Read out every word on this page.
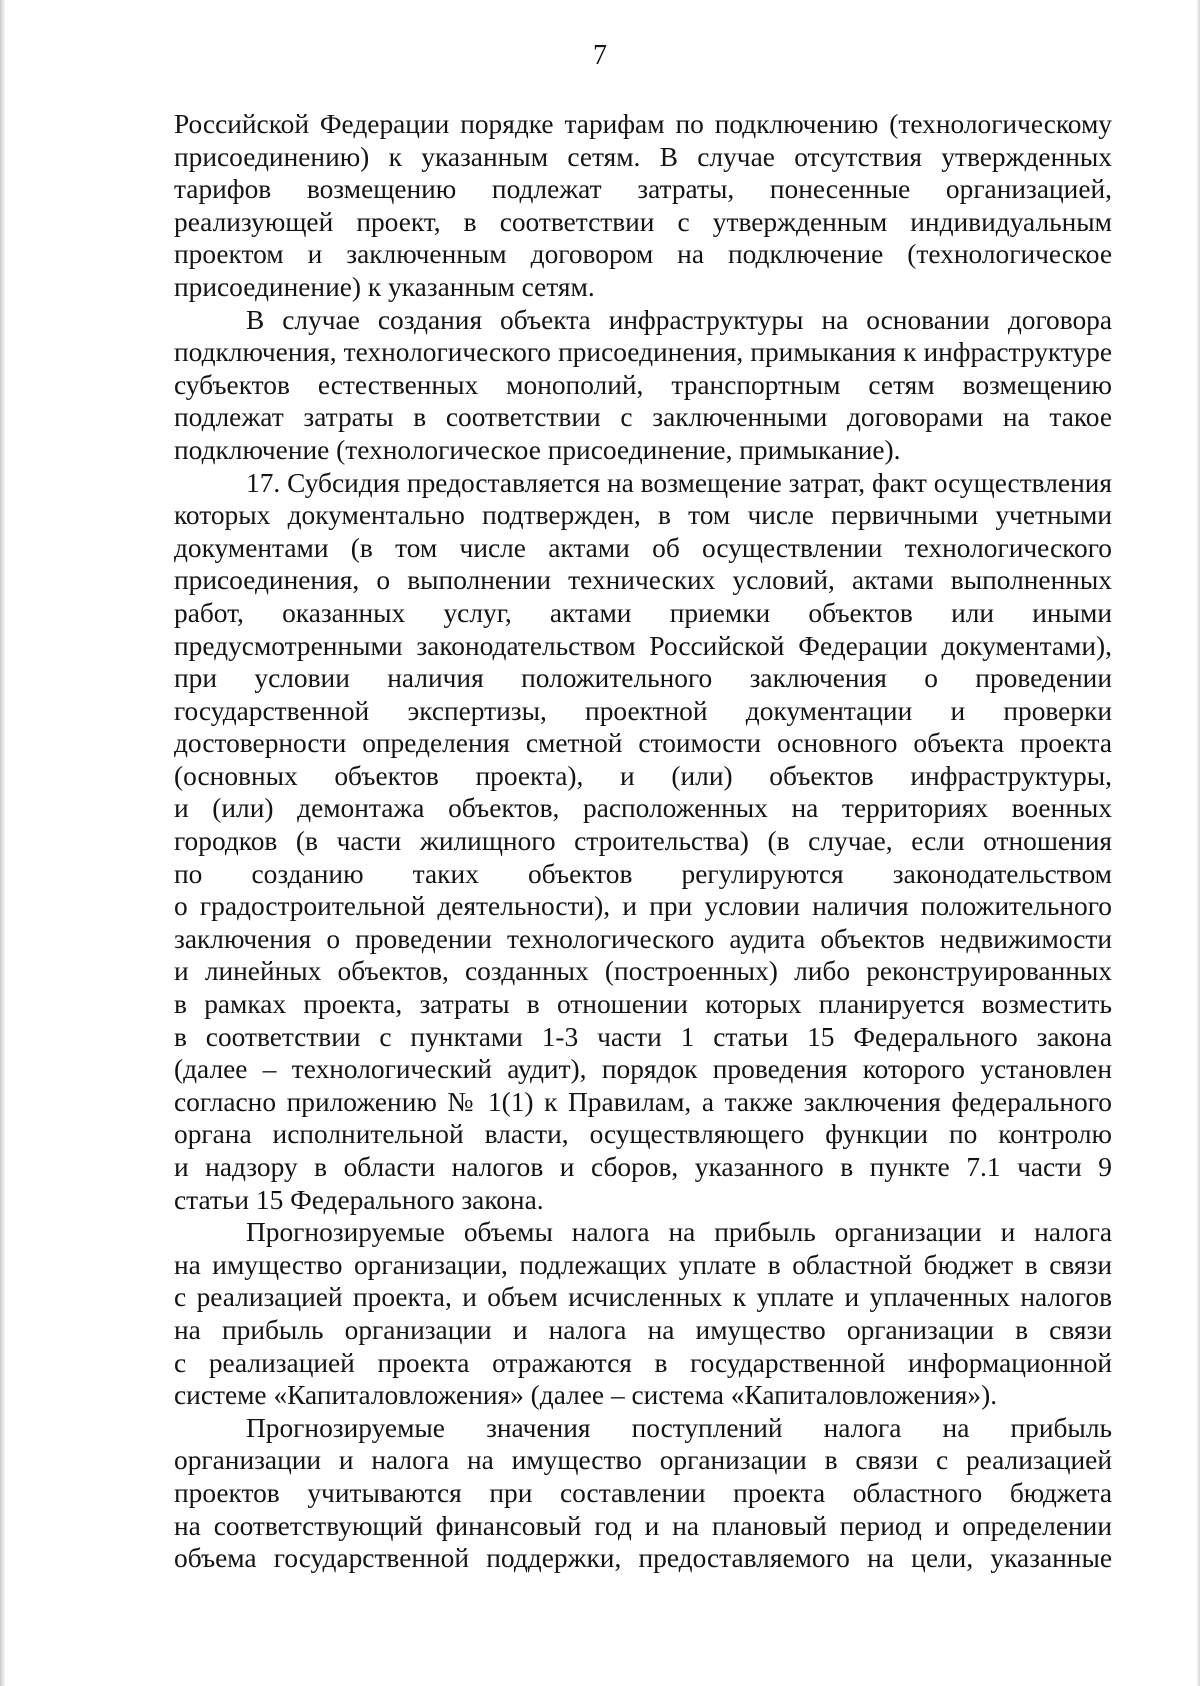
7
Российской Федерации порядке тарифам по подключению (технологическому
присоединению) к указанным сетям. В случае отсутствия утвержденных
тарифов возмещению подлежат затраты, понесенные организацией,
реализующей проект, в соответствии с утвержденным индивидуальным
проектом и заключенным договором на подключение (технологическое
присоединение) к указанным сетям.
В случае создания объекта инфраструктуры на основании договора
подключения, технологического присоединения, примыкания к инфраструктуре
субъектов естественных монополий, транспортным сетям возмещению
подлежат затраты в соответствии с заключенными договорами на такое
подключение (технологическое присоединение, примыкание).
17. Субсидия предоставляется на возмещение затрат, факт осуществления
которых документально подтвержден, в том числе первичными учетными
документами (в том числе актами об осуществлении технологического
присоединения, о выполнении технических условий, актами выполненных
работ, оказанных услуг, актами приемки объектов или иными
предусмотренными законодательством Российской Федерации документами),
при условии наличия положительного заключения о проведении
государственной экспертизы, проектной документации и проверки
достоверности определения сметной стоимости основного объекта проекта
(основных объектов проекта), и (или) объектов инфраструктуры,
и (или) демонтажа объектов, расположенных на территориях военных
городков (в части жилищного строительства) (в случае, если отношения
по созданию таких объектов регулируются законодательством
о градостроительной деятельности), и при условии наличия положительного
заключения о проведении технологического аудита объектов недвижимости
и линейных объектов, созданных (построенных) либо реконструированных
в рамках проекта, затраты в отношении которых планируется возместить
в соответствии с пунктами 1-3 части 1 статьи 15 Федерального закона
(далее – технологический аудит), порядок проведения которого установлен
согласно приложению № 1(1) к Правилам, а также заключения федерального
органа исполнительной власти, осуществляющего функции по контролю
и надзору в области налогов и сборов, указанного в пункте 7.1 части 9
статьи 15 Федерального закона.
Прогнозируемые объемы налога на прибыль организации и налога
на имущество организации, подлежащих уплате в областной бюджет в связи
с реализацией проекта, и объем исчисленных к уплате и уплаченных налогов
на прибыль организации и налога на имущество организации в связи
с реализацией проекта отражаются в государственной информационной
системе «Капиталовложения» (далее – система «Капиталовложения»).
Прогнозируемые значения поступлений налога на прибыль
организации и налога на имущество организации в связи с реализацией
проектов учитываются при составлении проекта областного бюджета
на соответствующий финансовый год и на плановый период и определении
объема государственной поддержки, предоставляемого на цели, указанные
